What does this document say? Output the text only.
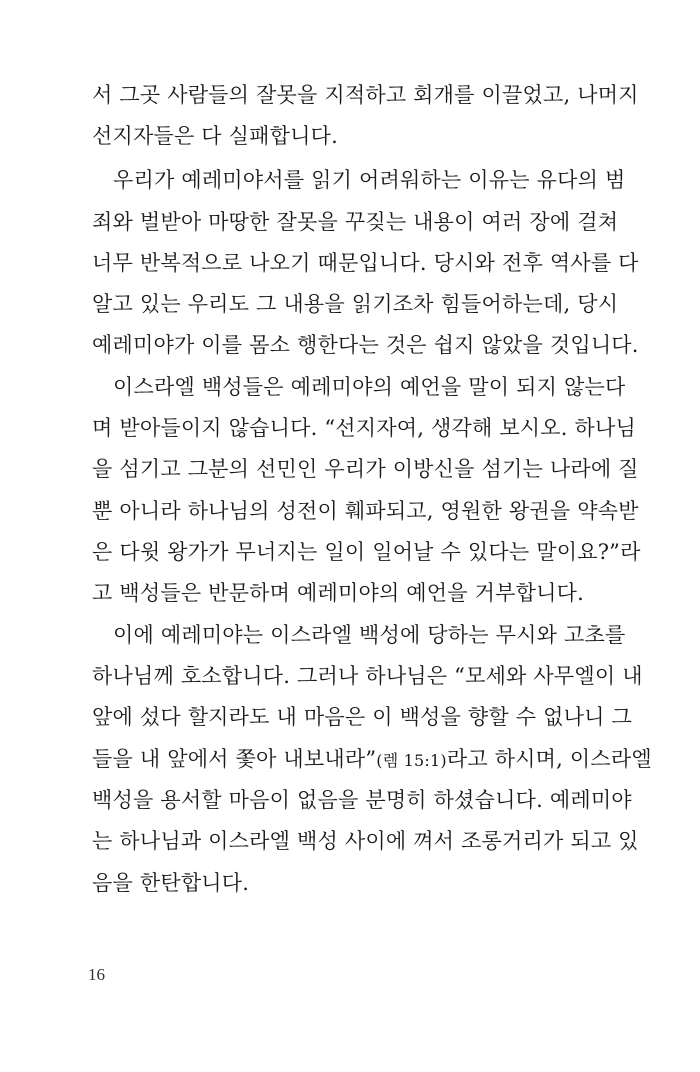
서 그곳 사람들의 잘못을 지적하고 회개를 이끌었고, 나머지
선지자들은 다 실패합니다.
우리가 예레미야서를 읽기 어려워하는 이유는 유다의 범
죄와 벌받아 마땅한 잘못을 꾸짖는 내용이 여러 장에 걸쳐
너무 반복적으로 나오기 때문입니다. 당시와 전후 역사를 다
알고 있는 우리도 그 내용을 읽기조차 힘들어하는데, 당시
예레미야가 이를 몸소 행한다는 것은 쉽지 않았을 것입니다.
이스라엘 백성들은 예레미야의 예언을 말이 되지 않는다
며 받아들이지 않습니다. “선지자여, 생각해 보시오. 하나님
을 섬기고 그분의 선민인 우리가 이방신을 섬기는 나라에 질
뿐 아니라 하나님의 성전이 훼파되고, 영원한 왕권을 약속받
은 다윗 왕가가 무너지는 일이 일어날 수 있다는 말이요?”라
고 백성들은 반문하며 예레미야의 예언을 거부합니다.
이에 예레미야는 이스라엘 백성에 당하는 무시와 고초를
하나님께 호소합니다. 그러나 하나님은 “모세와 사무엘이 내
앞에 섰다 할지라도 내 마음은 이 백성을 향할 수 없나니 그
들을 내 앞에서 쫓아 내보내라”(렘 15:1)라고 하시며, 이스라엘
백성을 용서할 마음이 없음을 분명히 하셨습니다. 예레미야
는 하나님과 이스라엘 백성 사이에 껴서 조롱거리가 되고 있
음을 한탄합니다.
16
